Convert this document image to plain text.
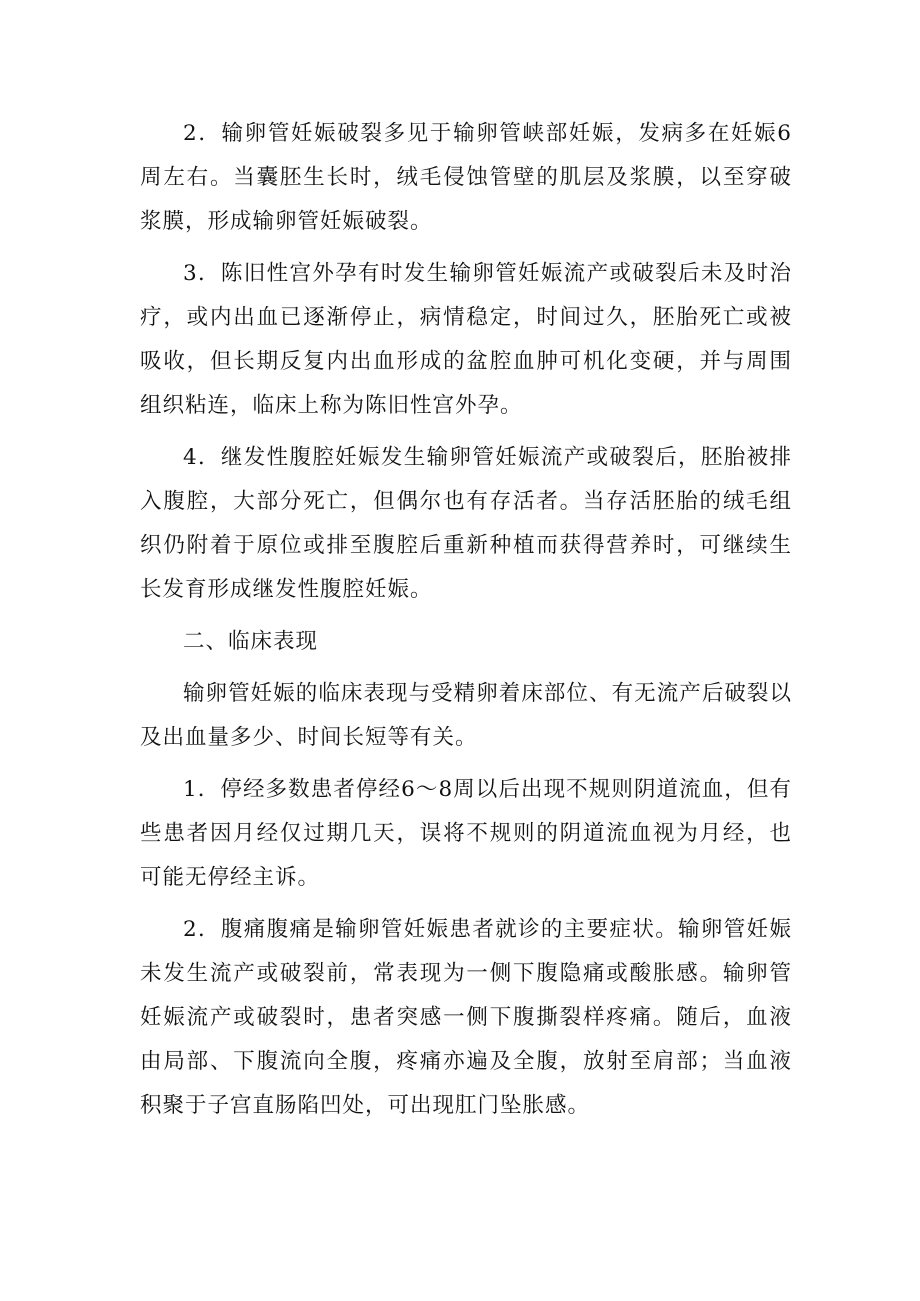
2．输卵管妊娠破裂多见于输卵管峡部妊娠，发病多在妊娠6周左右。当囊胚生长时，绒毛侵蚀管壁的肌层及浆膜，以至穿破浆膜，形成输卵管妊娠破裂。

3．陈旧性宫外孕有时发生输卵管妊娠流产或破裂后未及时治疗，或内出血已逐渐停止，病情稳定，时间过久，胚胎死亡或被吸收，但长期反复内出血形成的盆腔血肿可机化变硬，并与周围组织粘连，临床上称为陈旧性宫外孕。

4．继发性腹腔妊娠发生输卵管妊娠流产或破裂后，胚胎被排入腹腔，大部分死亡，但偶尔也有存活者。当存活胚胎的绒毛组织仍附着于原位或排至腹腔后重新种植而获得营养时，可继续生长发育形成继发性腹腔妊娠。

二、临床表现

输卵管妊娠的临床表现与受精卵着床部位、有无流产后破裂以及出血量多少、时间长短等有关。

1．停经多数患者停经6～8周以后出现不规则阴道流血，但有些患者因月经仅过期几天，误将不规则的阴道流血视为月经，也可能无停经主诉。

2．腹痛腹痛是输卵管妊娠患者就诊的主要症状。输卵管妊娠未发生流产或破裂前，常表现为一侧下腹隐痛或酸胀感。输卵管妊娠流产或破裂时，患者突感一侧下腹撕裂样疼痛。随后，血液由局部、下腹流向全腹，疼痛亦遍及全腹，放射至肩部；当血液积聚于子宫直肠陷凹处，可出现肛门坠胀感。
